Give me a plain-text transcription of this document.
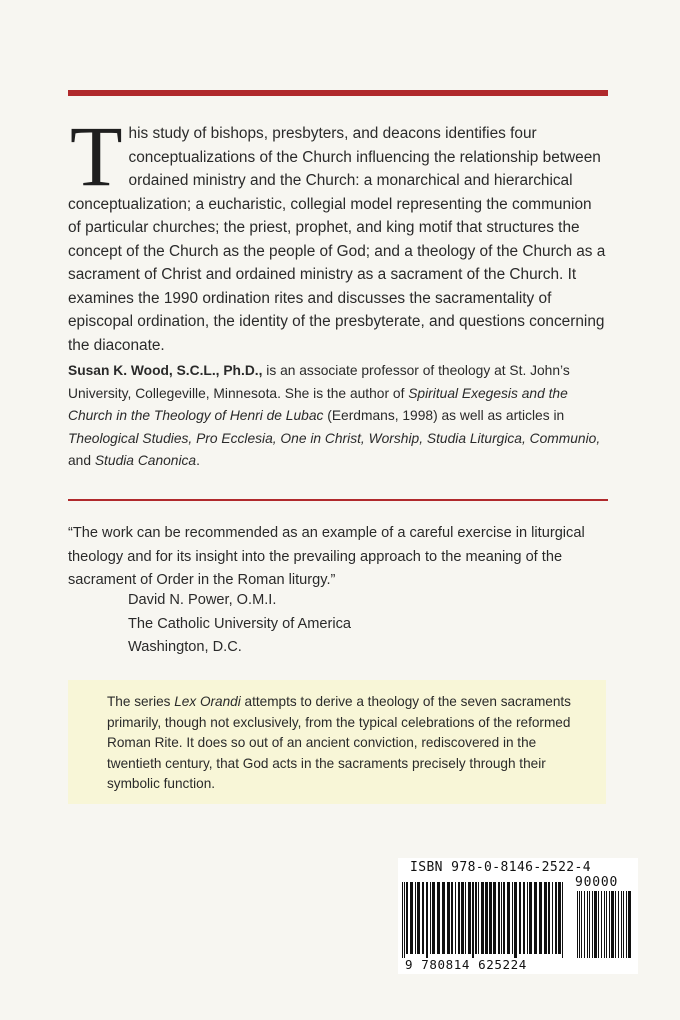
This study of bishops, presbyters, and deacons identifies four conceptualizations of the Church influencing the relationship between ordained ministry and the Church: a monarchical and hierarchical conceptualization; a eucharistic, collegial model representing the communion of particular churches; the priest, prophet, and king motif that structures the concept of the Church as the people of God; and a theology of the Church as a sacrament of Christ and ordained ministry as a sacrament of the Church. It examines the 1990 ordination rites and discusses the sacramentality of episcopal ordination, the identity of the presbyterate, and questions concerning the diaconate.

Susan K. Wood, S.C.L., Ph.D., is an associate professor of theology at St. John’s University, Collegeville, Minnesota. She is the author of Spiritual Exegesis and the Church in the Theology of Henri de Lubac (Eerdmans, 1998) as well as articles in Theological Studies, Pro Ecclesia, One in Christ, Worship, Studia Liturgica, Communio, and Studia Canonica.

“The work can be recommended as an example of a careful exercise in liturgical theology and for its insight into the prevailing approach to the meaning of the sacrament of Order in the Roman liturgy.”

David N. Power, O.M.I.
The Catholic University of America
Washington, D.C.

The series Lex Orandi attempts to derive a theology of the seven sacraments primarily, though not exclusively, from the typical celebrations of the reformed Roman Rite. It does so out of an ancient conviction, rediscovered in the twentieth century, that God acts in the sacraments precisely through their symbolic function.

ISBN 978-0-8146-2522-4
90000
9 780814 625224
